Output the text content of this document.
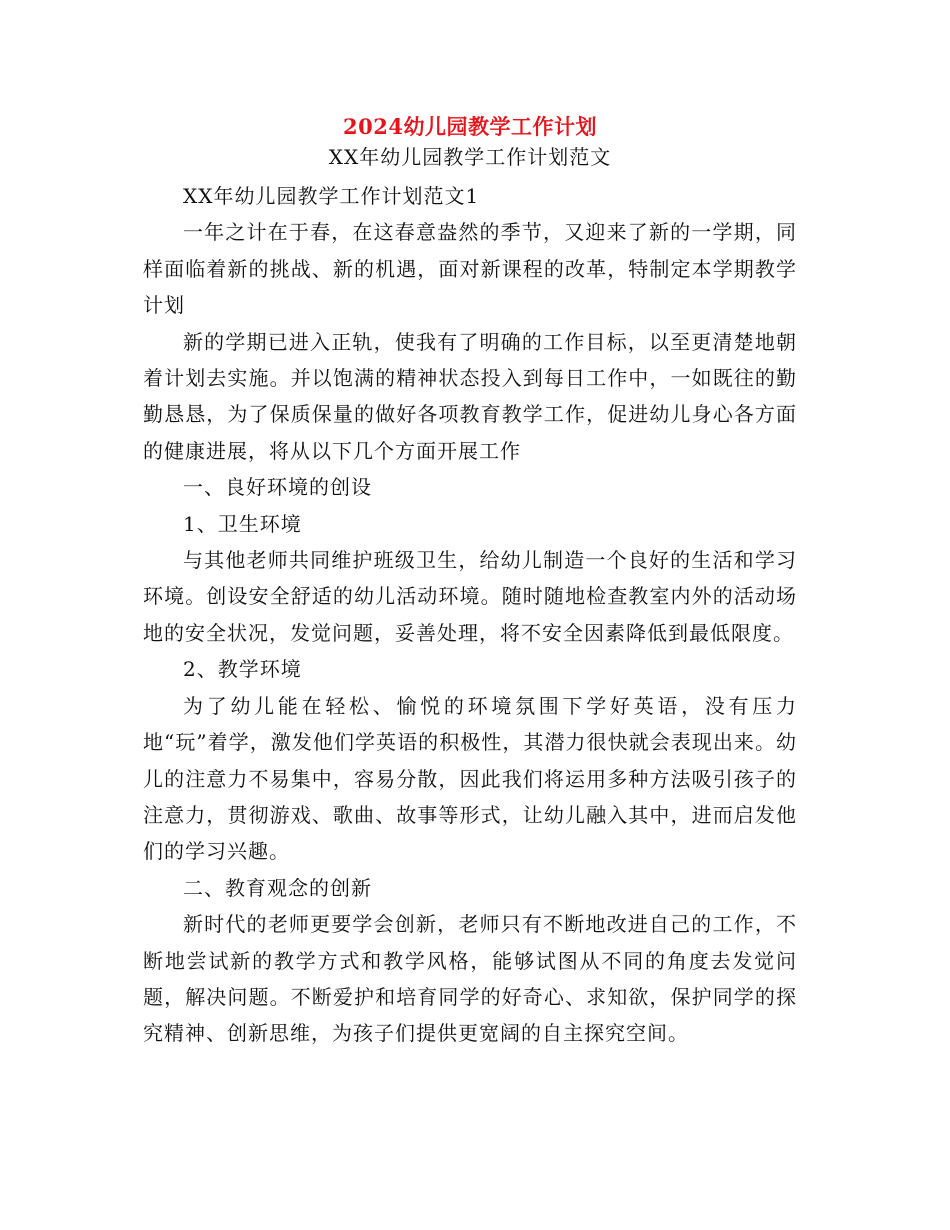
2024幼儿园教学工作计划

XX年幼儿园教学工作计划范文

XX年幼儿园教学工作计划范文1

一年之计在于春，在这春意盎然的季节，又迎来了新的一学期，同样面临着新的挑战、新的机遇，面对新课程的改革，特制定本学期教学计划

新的学期已进入正轨，使我有了明确的工作目标，以至更清楚地朝着计划去实施。并以饱满的精神状态投入到每日工作中，一如既往的勤勤恳恳，为了保质保量的做好各项教育教学工作，促进幼儿身心各方面的健康进展，将从以下几个方面开展工作

一、良好环境的创设

1、卫生环境

与其他老师共同维护班级卫生，给幼儿制造一个良好的生活和学习环境。创设安全舒适的幼儿活动环境。随时随地检查教室内外的活动场地的安全状况，发觉问题，妥善处理，将不安全因素降低到最低限度。

2、教学环境

为了幼儿能在轻松、愉悦的环境氛围下学好英语，没有压力地“玩”着学，激发他们学英语的积极性，其潜力很快就会表现出来。幼儿的注意力不易集中，容易分散，因此我们将运用多种方法吸引孩子的注意力，贯彻游戏、歌曲、故事等形式，让幼儿融入其中，进而启发他们的学习兴趣。

二、教育观念的创新

新时代的老师更要学会创新，老师只有不断地改进自己的工作，不断地尝试新的教学方式和教学风格，能够试图从不同的角度去发觉问题，解决问题。不断爱护和培育同学的好奇心、求知欲，保护同学的探究精神、创新思维，为孩子们提供更宽阔的自主探究空间。
